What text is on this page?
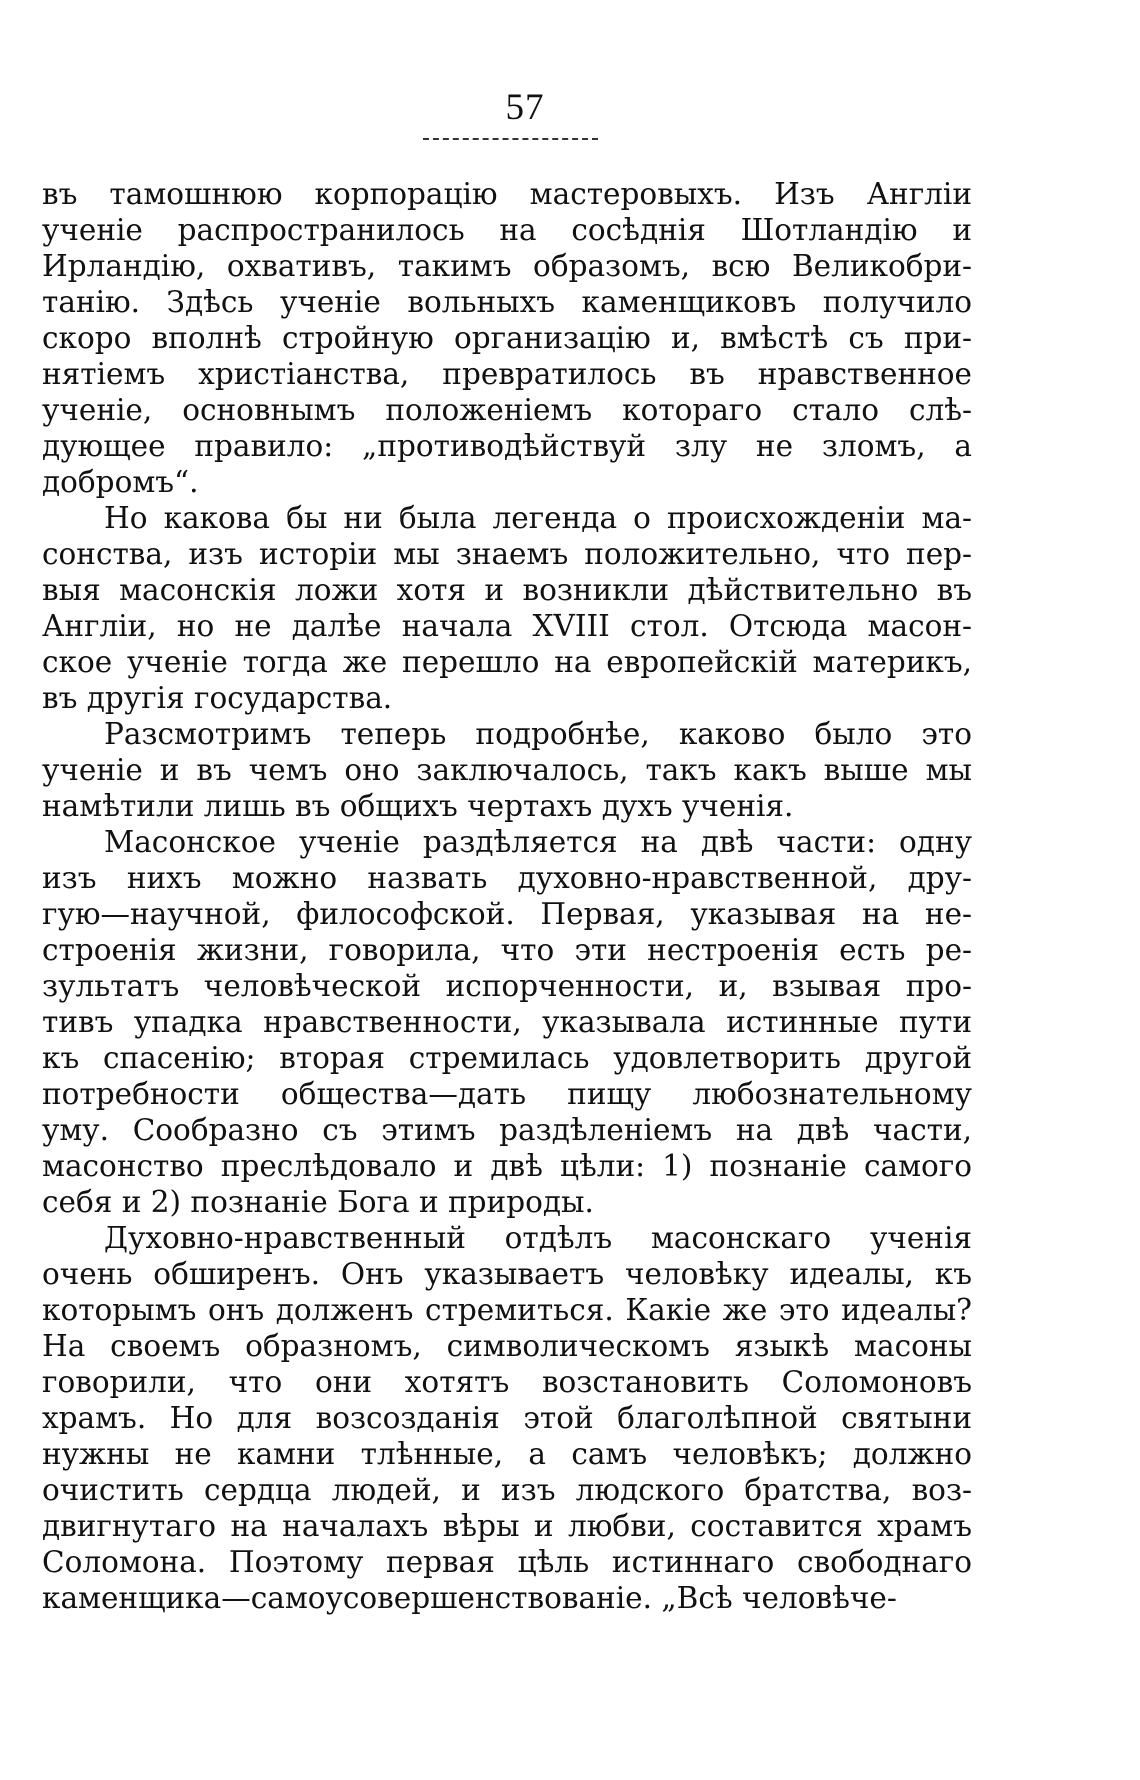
57
въ тамошнюю корпорацію мастеровыхъ. Изъ Англіи
ученіе распространилось на сосѣднія Шотландію и
Ирландію, охвативъ, такимъ образомъ, всю Великобри-
танію. Здѣсь ученіе вольныхъ каменщиковъ получило
скоро вполнѣ стройную организацію и, вмѣстѣ съ при-
нятіемъ христіанства, превратилось въ нравственное
ученіе, основнымъ положеніемъ котораго стало слѣ-
дующее правило: „противодѣйствуй злу не зломъ, а
добромъ“.
Но какова бы ни была легенда о происхожденіи ма-
сонства, изъ исторіи мы знаемъ положительно, что пер-
выя масонскія ложи хотя и возникли дѣйствительно въ
Англіи, но не далѣе начала XVIII стол. Отсюда масон-
ское ученіе тогда же перешло на европейскій материкъ,
въ другія государства.
Разсмотримъ теперь подробнѣе, каково было это
ученіе и въ чемъ оно заключалось, такъ какъ выше мы
намѣтили лишь въ общихъ чертахъ духъ ученія.
Масонское ученіе раздѣляется на двѣ части: одну
изъ нихъ можно назвать духовно-нравственной, дру-
гую—научной, философской. Первая, указывая на не-
строенія жизни, говорила, что эти нестроенія есть ре-
зультатъ человѣческой испорченности, и, взывая про-
тивъ упадка нравственности, указывала истинные пути
къ спасенію; вторая стремилась удовлетворить другой
потребности общества—дать пищу любознательному
уму. Сообразно съ этимъ раздѣленіемъ на двѣ части,
масонство преслѣдовало и двѣ цѣли: 1) познаніе самого
себя и 2) познаніе Бога и природы.
Духовно-нравственный отдѣлъ масонскаго ученія
очень обширенъ. Онъ указываетъ человѣку идеалы, къ
которымъ онъ долженъ стремиться. Какіе же это идеалы?
На своемъ образномъ, символическомъ языкѣ масоны
говорили, что они хотятъ возстановить Соломоновъ
храмъ. Но для возсозданія этой благолѣпной святыни
нужны не камни тлѣнные, а самъ человѣкъ; должно
очистить сердца людей, и изъ людского братства, воз-
двигнутаго на началахъ вѣры и любви, составится храмъ
Соломона. Поэтому первая цѣль истиннаго свободнаго
каменщика—самоусовершенствованіе. „Всѣ человѣче-
